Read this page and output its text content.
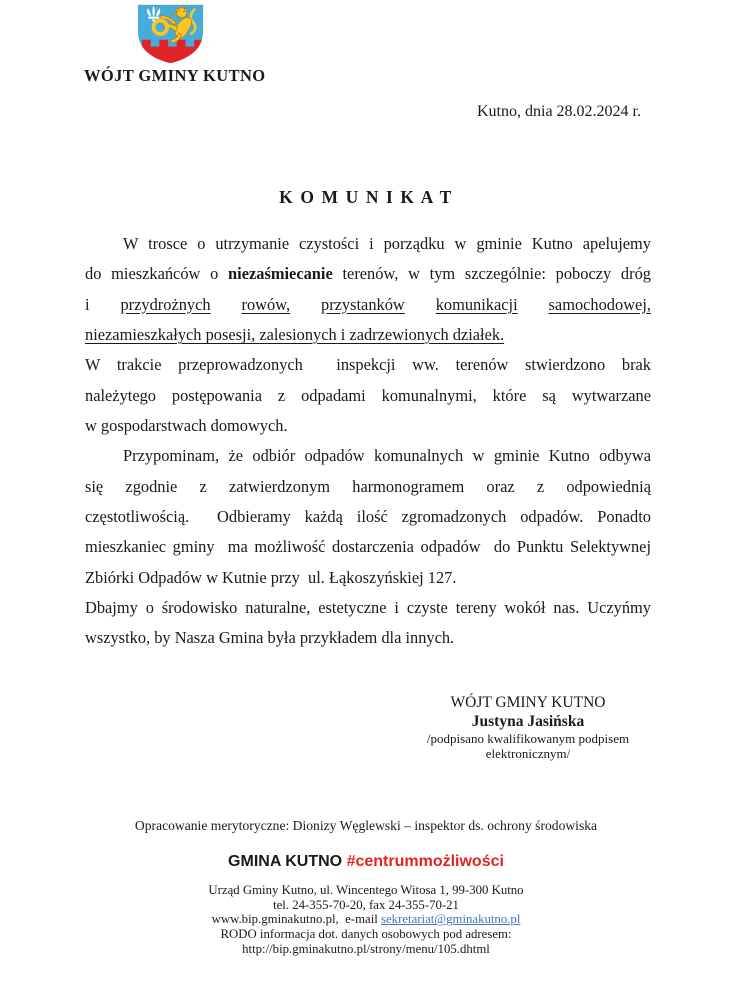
WÓJT GMINY KUTNO
Kutno, dnia 28.02.2024 r.
K O M U N I K A T
W trosce o utrzymanie czystości i porządku w gminie Kutno apelujemy
do mieszkańców o niezaśmiecanie terenów, w tym szczególnie: poboczy dróg
i przydrożnych rowów, przystanków komunikacji samochodowej,
niezamieszkałych posesji, zalesionych i zadrzewionych działek.
W trakcie przeprowadzonych  inspekcji ww. terenów stwierdzono brak
należytego postępowania z odpadami komunalnymi, które są wytwarzane
w gospodarstwach domowych.
Przypominam, że odbiór odpadów komunalnych w gminie Kutno odbywa
się zgodnie z zatwierdzonym harmonogramem oraz z odpowiednią
częstotliwością.  Odbieramy każdą ilość zgromadzonych odpadów. Ponadto
mieszkaniec gminy  ma możliwość dostarczenia odpadów  do Punktu Selektywnej
Zbiórki Odpadów w Kutnie przy  ul. Łąkoszyńskiej 127.
Dbajmy o środowisko naturalne, estetyczne i czyste tereny wokół nas. Uczyńmy
wszystko, by Nasza Gmina była przykładem dla innych.
WÓJT GMINY KUTNO
Justyna Jasińska
/podpisano kwalifikowanym podpisem
elektronicznym/
Opracowanie merytoryczne: Dionizy Węglewski – inspektor ds. ochrony środowiska
GMINA KUTNO #centrummożliwości
Urząd Gminy Kutno, ul. Wincentego Witosa 1, 99-300 Kutno
tel. 24-355-70-20, fax 24-355-70-21
www.bip.gminakutno.pl,  e-mail sekretariat@gminakutno.pl
RODO informacja dot. danych osobowych pod adresem:
http://bip.gminakutno.pl/strony/menu/105.dhtml
